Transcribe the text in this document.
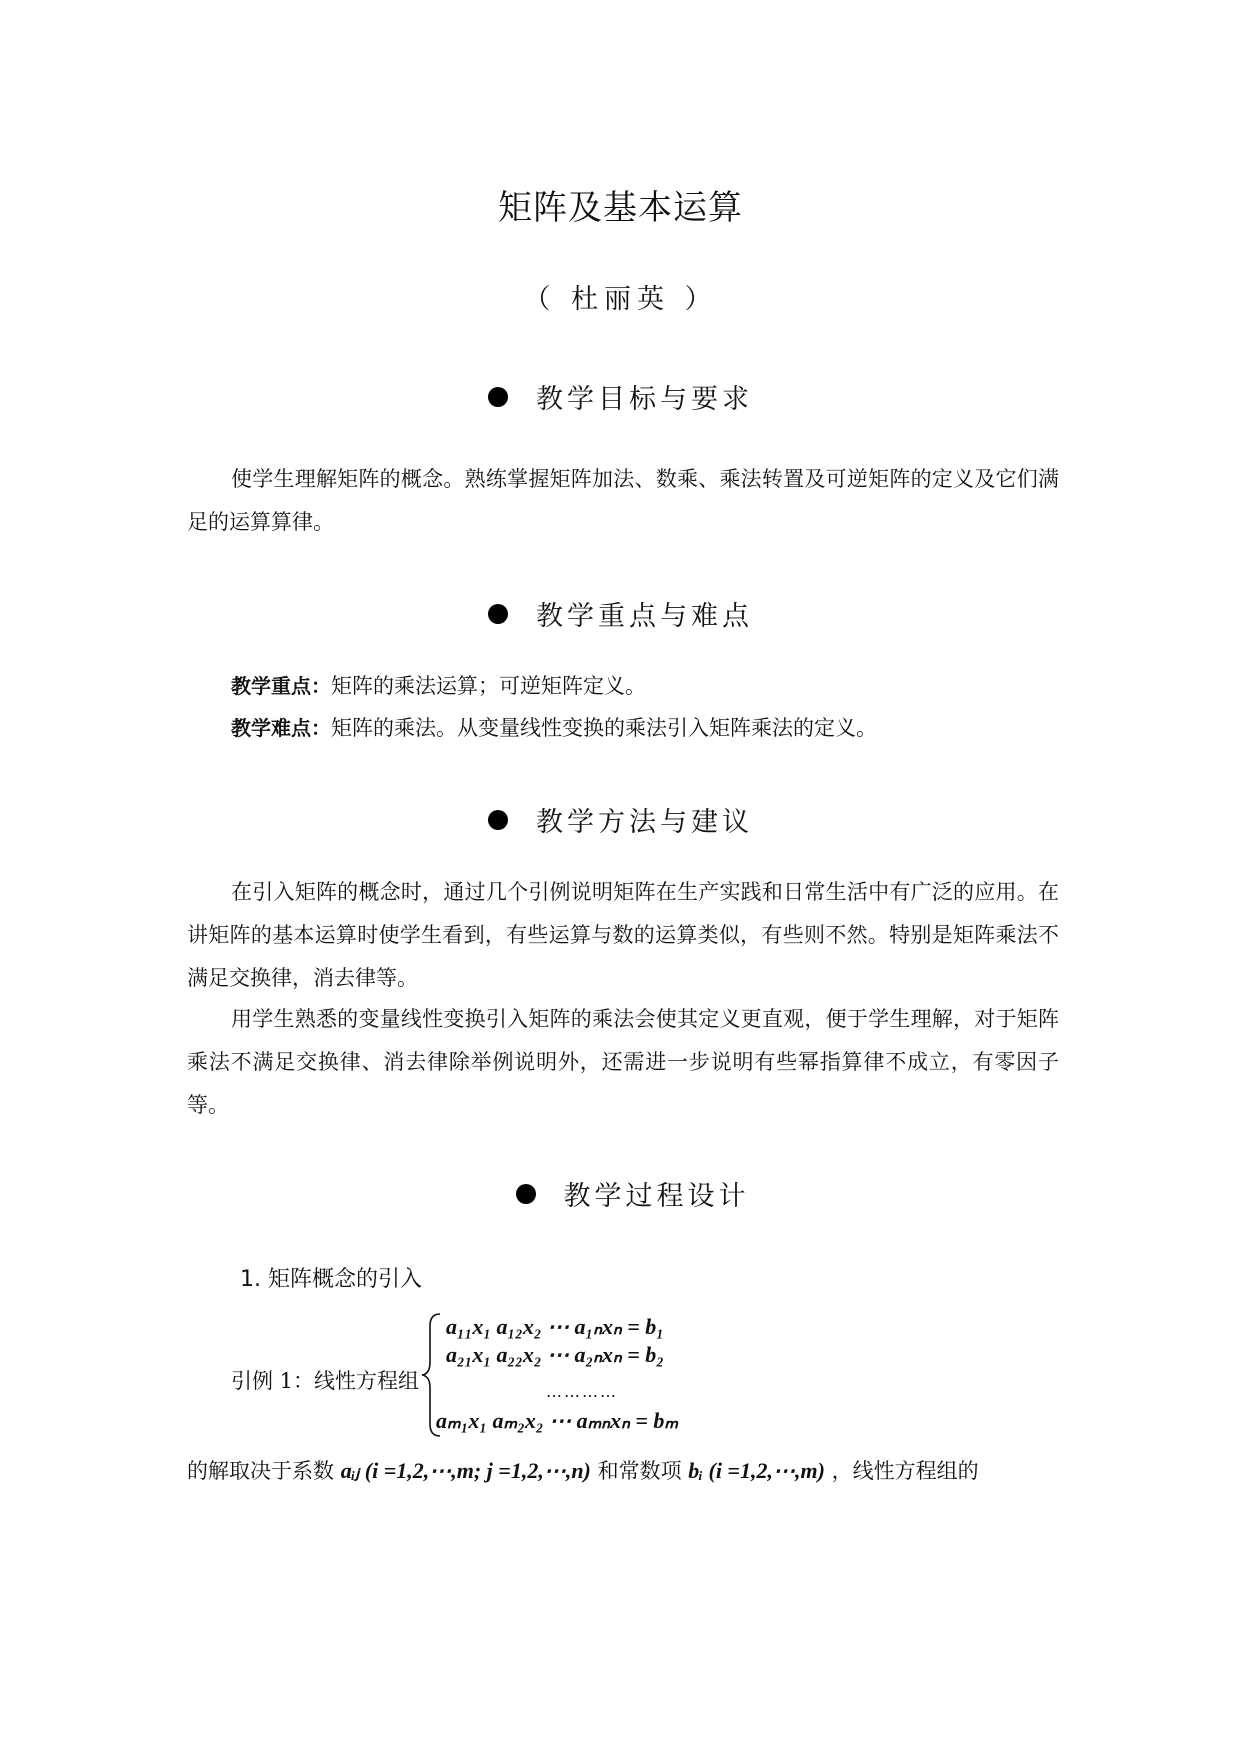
矩阵及基本运算
（ 杜丽英 ）
教学目标与要求
使学生理解矩阵的概念。熟练掌握矩阵加法、数乘、乘法转置及可逆矩阵的定义及它们满足的运算算律。
教学重点与难点
教学重点：矩阵的乘法运算；可逆矩阵定义。
教学难点：矩阵的乘法。从变量线性变换的乘法引入矩阵乘法的定义。
教学方法与建议
在引入矩阵的概念时，通过几个引例说明矩阵在生产实践和日常生活中有广泛的应用。在讲矩阵的基本运算时使学生看到，有些运算与数的运算类似，有些则不然。特别是矩阵乘法不满足交换律，消去律等。
用学生熟悉的变量线性变换引入矩阵的乘法会使其定义更直观，便于学生理解，对于矩阵乘法不满足交换律、消去律除举例说明外，还需进一步说明有些幂指算律不成立，有零因子等。
教学过程设计
1. 矩阵概念的引入
引例 1：线性方程组
a₁₁x₁ a₁₂x₂ ⋯ a₁ₙxₙ = b₁
a₂₁x₁ a₂₂x₂ ⋯ a₂ₙxₙ = b₂
…………
aₘ₁x₁ aₘ₂x₂ ⋯ aₘₙxₙ = bₘ
的解取决于系数 aᵢⱼ (i =1,2,⋯,m; j =1,2,⋯,n) 和常数项 bᵢ (i =1,2,⋯,m) ，线性方程组的
